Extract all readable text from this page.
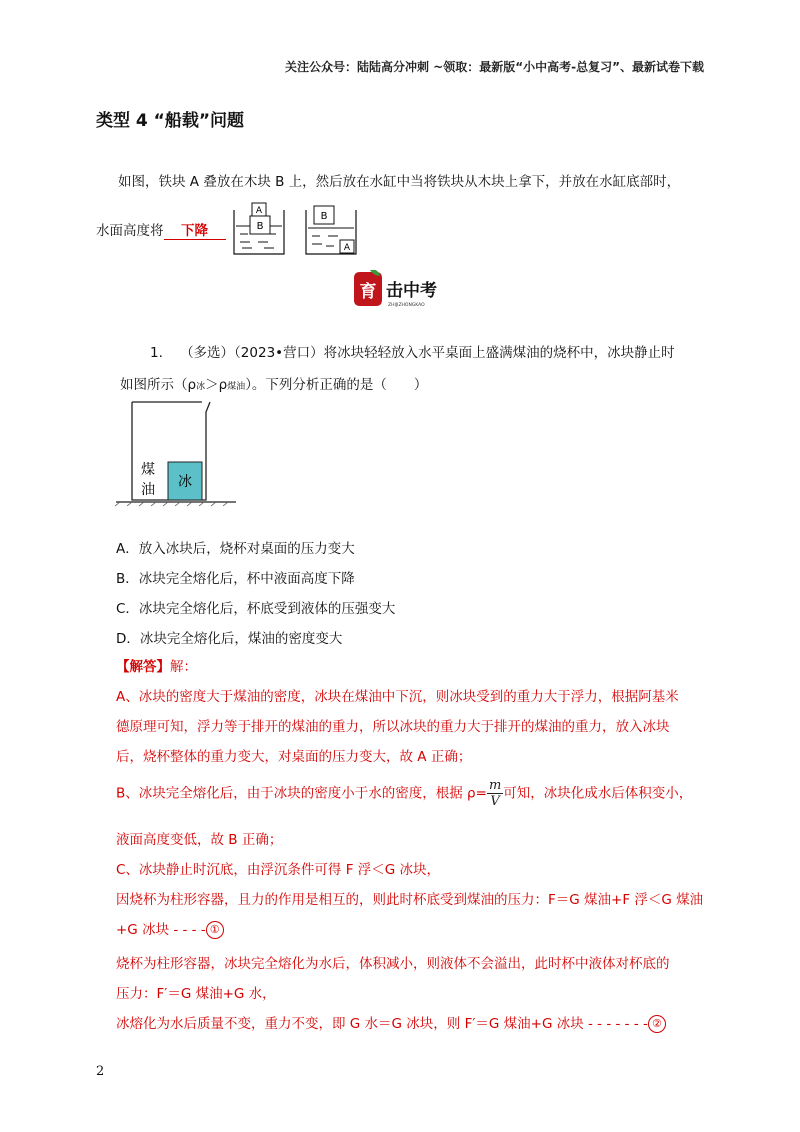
关注公众号：陆陆高分冲刺 ~领取：最新版“小中高考-总复习”、最新试卷下载
类型 4 “船载”问题
如图，铁块 A 叠放在木块 B 上，然后放在水缸中当将铁块从木块上拿下，并放在水缸底部时，
水面高度将 下降
A
B
B
A
育 击中考
ZHIJIZHONGKAO
1. （多选）（2023•营口）将冰块轻轻放入水平桌面上盛满煤油的烧杯中，冰块静止时
如图所示（ρ冰＞ρ煤油）。下列分析正确的是（　　）
煤
油 冰
A．放入冰块后，烧杯对桌面的压力变大
B．冰块完全熔化后，杯中液面高度下降
C．冰块完全熔化后，杯底受到液体的压强变大
D．冰块完全熔化后，煤油的密度变大
【解答】解：
A、冰块的密度大于煤油的密度，冰块在煤油中下沉，则冰块受到的重力大于浮力，根据阿基米
德原理可知，浮力等于排开的煤油的重力，所以冰块的重力大于排开的煤油的重力，放入冰块
后，烧杯整体的重力变大，对桌面的压力变大，故 A 正确；
B、冰块完全熔化后，由于冰块的密度小于水的密度，根据 $\rho= \frac{m}{V}$ 可知，冰块化成水后体积变小，
液面高度变低，故 B 正确；
C、冰块静止时沉底，由浮沉条件可得 F 浮＜G 冰块，
因烧杯为柱形容器，且力的作用是相互的，则此时杯底受到煤油的压力：F＝G 煤油+F 浮＜G 煤油
+G 冰块 - - - - ①
烧杯为柱形容器，冰块完全熔化为水后，体积减小，则液体不会溢出，此时杯中液体对杯底的
压力：F′＝G 煤油+G 水，
冰熔化为水后质量不变，重力不变，即 G 水＝G 冰块，则 F′＝G 煤油+G 冰块 - - - - - - - ②
2
